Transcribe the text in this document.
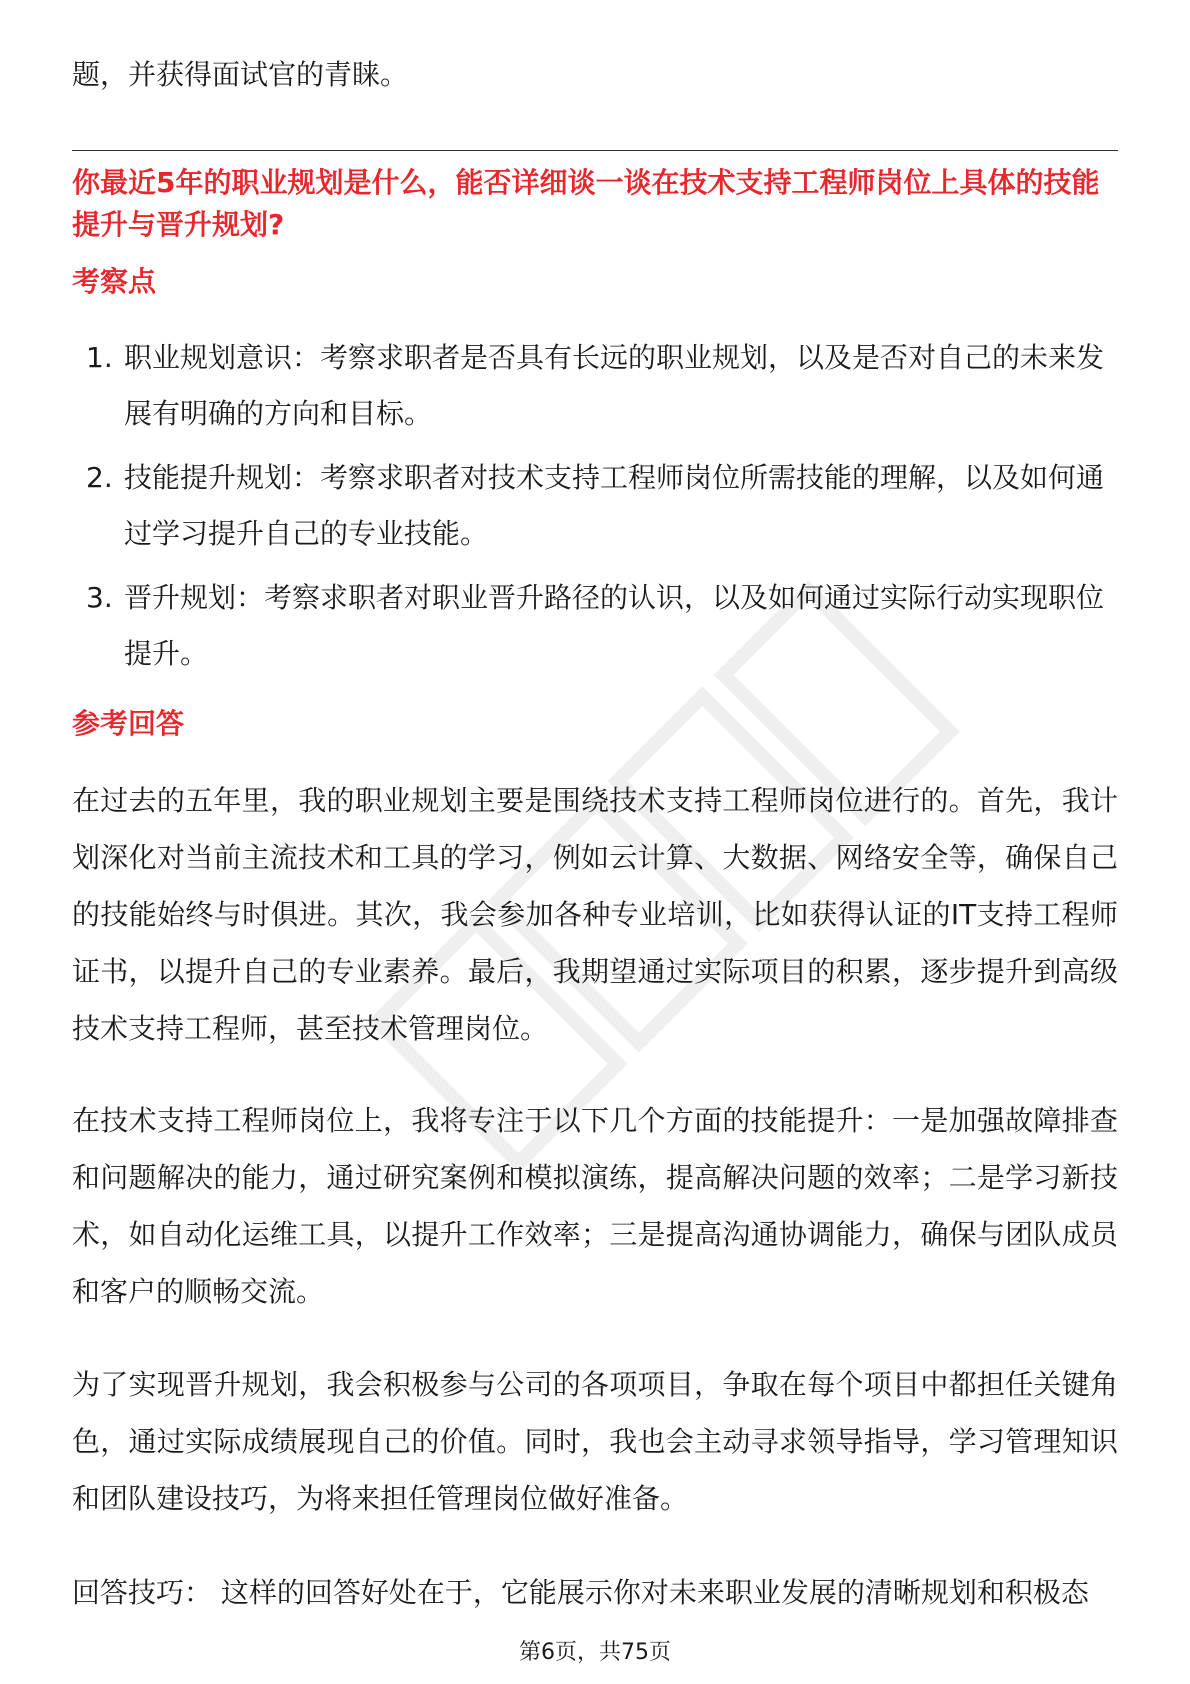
题，并获得面试官的青睐。

你最近5年的职业规划是什么，能否详细谈一谈在技术支持工程师岗位上具体的技能提升与晋升规划?

考察点

1. 职业规划意识：考察求职者是否具有长远的职业规划，以及是否对自己的未来发展有明确的方向和目标。
2. 技能提升规划：考察求职者对技术支持工程师岗位所需技能的理解，以及如何通过学习提升自己的专业技能。
3. 晋升规划：考察求职者对职业晋升路径的认识，以及如何通过实际行动实现职位提升。

参考回答

在过去的五年里，我的职业规划主要是围绕技术支持工程师岗位进行的。首先，我计划深化对当前主流技术和工具的学习，例如云计算、大数据、网络安全等，确保自己的技能始终与时俱进。其次，我会参加各种专业培训，比如获得认证的IT支持工程师证书，以提升自己的专业素养。最后，我期望通过实际项目的积累，逐步提升到高级技术支持工程师，甚至技术管理岗位。

在技术支持工程师岗位上，我将专注于以下几个方面的技能提升：一是加强故障排查和问题解决的能力，通过研究案例和模拟演练，提高解决问题的效率；二是学习新技术，如自动化运维工具，以提升工作效率；三是提高沟通协调能力，确保与团队成员和客户的顺畅交流。

为了实现晋升规划，我会积极参与公司的各项项目，争取在每个项目中都担任关键角色，通过实际成绩展现自己的价值。同时，我也会主动寻求领导指导，学习管理知识和团队建设技巧，为将来担任管理岗位做好准备。

回答技巧： 这样的回答好处在于，它能展示你对未来职业发展的清晰规划和积极态

第6页，共75页
